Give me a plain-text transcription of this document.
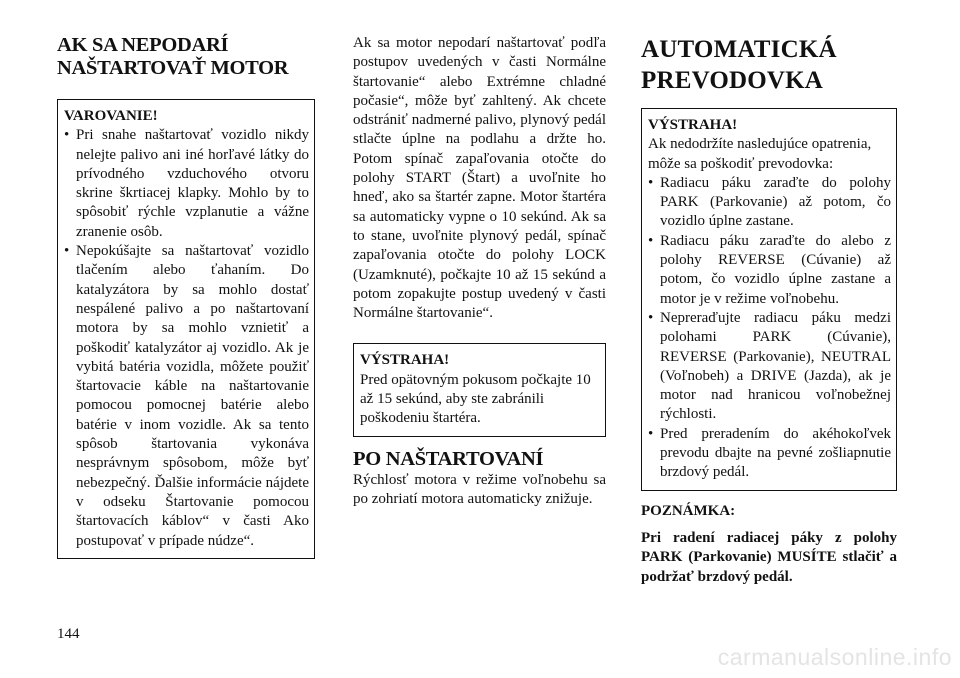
AK SA NEPODARÍ
NAŠTARTOVAŤ MOTOR
VAROVANIE!
• Pri snahe naštartovať vozidlo nikdy nelejte palivo ani iné horľavé látky do prívodného vzduchového otvoru skrine škrtiacej klapky. Mohlo by to spôsobiť rýchle vzplanutie a vážne zranenie osôb.
• Nepokúšajte sa naštartovať vozidlo tlačením alebo ťahaním. Do katalyzátora by sa mohlo dostať nespálené palivo a po naštartovaní motora by sa mohlo vznietiť a poškodiť katalyzátor aj vozidlo. Ak je vybitá batéria vozidla, môžete použiť štartovacie káble na naštartovanie pomocou pomocnej batérie alebo batérie v inom vozidle. Ak sa tento spôsob štartovania vykonáva nesprávnym spôsobom, môže byť nebezpečný. Ďalšie informácie nájdete v odseku Štartovanie pomocou štartovacích káblov“ v časti Ako postupovať v prípade núdze“.

Ak sa motor nepodarí naštartovať podľa postupov uvedených v časti Normálne štartovanie“ alebo Extrémne chladné počasie“, môže byť zahltený. Ak chcete odstrániť nadmerné palivo, plynový pedál stlačte úplne na podlahu a držte ho. Potom spínač zapaľovania otočte do polohy START (Štart) a uvoľnite ho hneď, ako sa štartér zapne. Motor štartéra sa automaticky vypne o 10 sekúnd. Ak sa to stane, uvoľnite plynový pedál, spínač zapaľovania otočte do polohy LOCK (Uzamknuté), počkajte 10 až 15 sekúnd a potom zopakujte postup uvedený v časti Normálne štartovanie“.

VÝSTRAHA!
Pred opätovným pokusom počkajte 10 až 15 sekúnd, aby ste zabránili poškodeniu štartéra.
PO NAŠTARTOVANÍ

Rýchlosť motora v režime voľnobehu sa po zohriatí motora automaticky znižuje.

AUTOMATICKÁ
PREVODOVKA
VÝSTRAHA!
Ak nedodržíte nasledujúce opatrenia, môže sa poškodiť prevodovka:
• Radiacu páku zaraďte do polohy PARK (Parkovanie) až potom, čo vozidlo úplne zastane.
• Radiacu páku zaraďte do alebo z polohy REVERSE (Cúvanie) až potom, čo vozidlo úplne zastane a motor je v režime voľnobehu.
• Nepreraďujte radiacu páku medzi polohami PARK (Cúvanie), REVERSE (Parkovanie), NEUTRAL (Voľnobeh) a DRIVE (Jazda), ak je motor nad hranicou voľnobežnej rýchlosti.
• Pred preradením do akéhokoľvek prevodu dbajte na pevné zošliapnutie brzdový pedál.

POZNÁMKA:

Pri radení radiacej páky z polohy PARK (Parkovanie) MUSÍTE stlačiť a podržať brzdový pedál.

144
carmanualsonline.info
